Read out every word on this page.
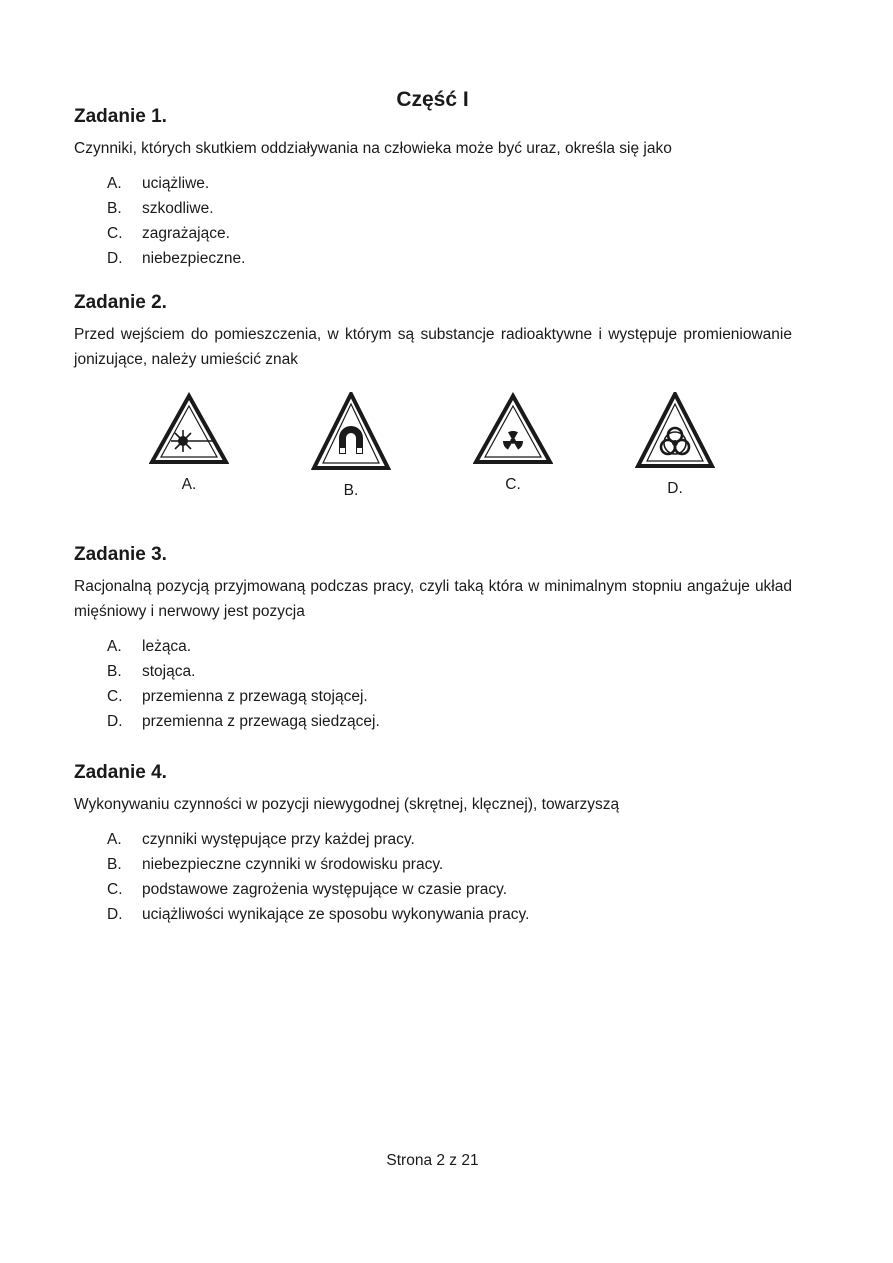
Część I
Zadanie 1.

Czynniki, których skutkiem oddziaływania na człowieka może być uraz, określa się jako

A.	uciążliwe.
B.	szkodliwe.
C.	zagrażające.
D.	niebezpieczne.
Zadanie 2.

Przed wejściem do pomieszczenia, w którym są substancje radioaktywne i występuje promieniowanie jonizujące, należy umieścić znak

A.	B.	C.	D.
Zadanie 3.

Racjonalną pozycją przyjmowaną podczas pracy, czyli taką która w minimalnym stopniu angażuje układ mięśniowy i nerwowy jest pozycja

A.	leżąca.
B.	stojąca.
C.	przemienna z przewagą stojącej.
D.	przemienna z przewagą siedzącej.
Zadanie 4.

Wykonywaniu czynności w pozycji niewygodnej (skrętnej, klęcznej), towarzyszą

A.	czynniki występujące przy każdej pracy.
B.	niebezpieczne czynniki w środowisku pracy.
C.	podstawowe zagrożenia występujące w czasie pracy.
D.	uciążliwości wynikające ze sposobu wykonywania pracy.
Strona 2 z 21
